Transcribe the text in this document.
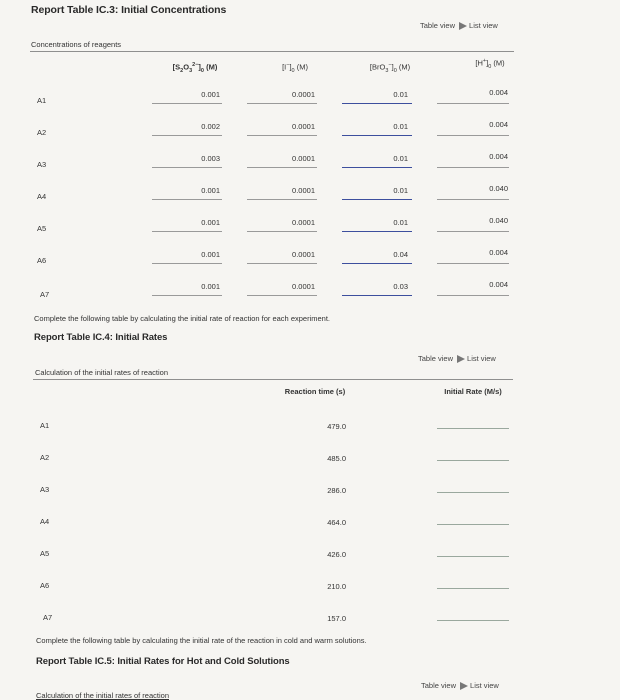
Report Table IC.3: Initial Concentrations
Table view List view
Concentrations of reagents
$[S_2O_3^{2-}]_0$ (M)	$[I^-]_0$ (M)	$[BrO_3^-]_0$ (M)	$[H^+]_0$ (M)
A1
0.001	0.0001	0.01	0.004
A2
0.002	0.0001	0.01	0.004
A3
0.003	0.0001	0.01	0.004
A4
0.001	0.0001	0.01	0.040
A5
0.001	0.0001	0.01	0.040
A6
0.001	0.0001	0.04	0.004
A7
0.001	0.0001	0.03	0.004
Complete the following table by calculating the initial rate of reaction for each experiment.
Report Table IC.4: Initial Rates
Table view List view
Calculation of the initial rates of reaction
Reaction time (s)	Initial Rate (M/s)
A1	479.0
A2	485.0
A3	286.0
A4	464.0
A5	426.0
A6	210.0
A7	157.0
Complete the following table by calculating the initial rate of the reaction in cold and warm solutions.
Report Table IC.5: Initial Rates for Hot and Cold Solutions
Table view List view
Calculation of the initial rates of reaction
